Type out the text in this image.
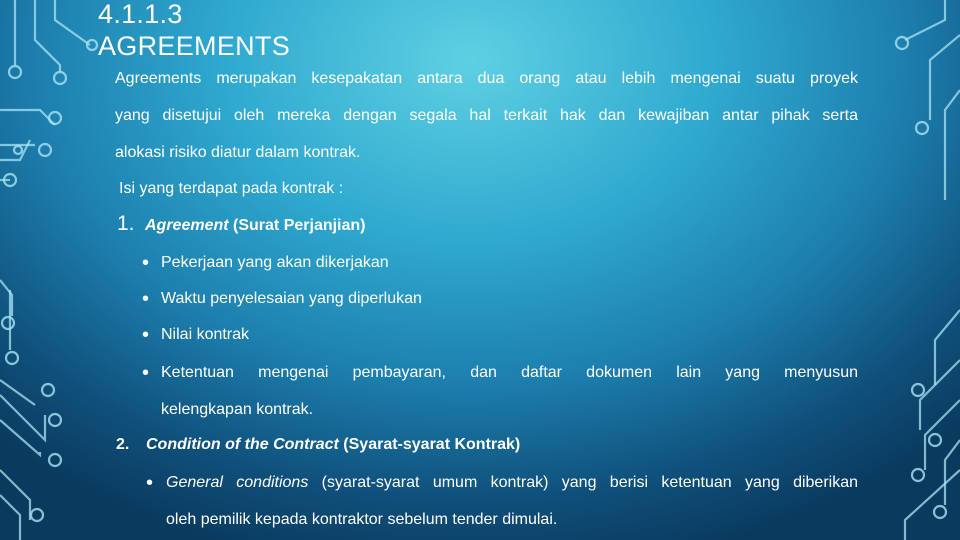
4.1.1.3
AGREEMENTS
Agreements merupakan kesepakatan antara dua orang atau lebih mengenai suatu proyek
yang disetujui oleh mereka dengan segala hal terkait hak dan kewajiban antar pihak serta
alokasi risiko diatur dalam kontrak.
Isi yang terdapat pada kontrak :
1. Agreement (Surat Perjanjian)
• Pekerjaan yang akan dikerjakan
• Waktu penyelesaian yang diperlukan
• Nilai kontrak
• Ketentuan mengenai pembayaran, dan daftar dokumen lain yang menyusun
kelengkapan kontrak.
2. Condition of the Contract (Syarat-syarat Kontrak)
• General conditions (syarat-syarat umum kontrak) yang berisi ketentuan yang diberikan
oleh pemilik kepada kontraktor sebelum tender dimulai.
